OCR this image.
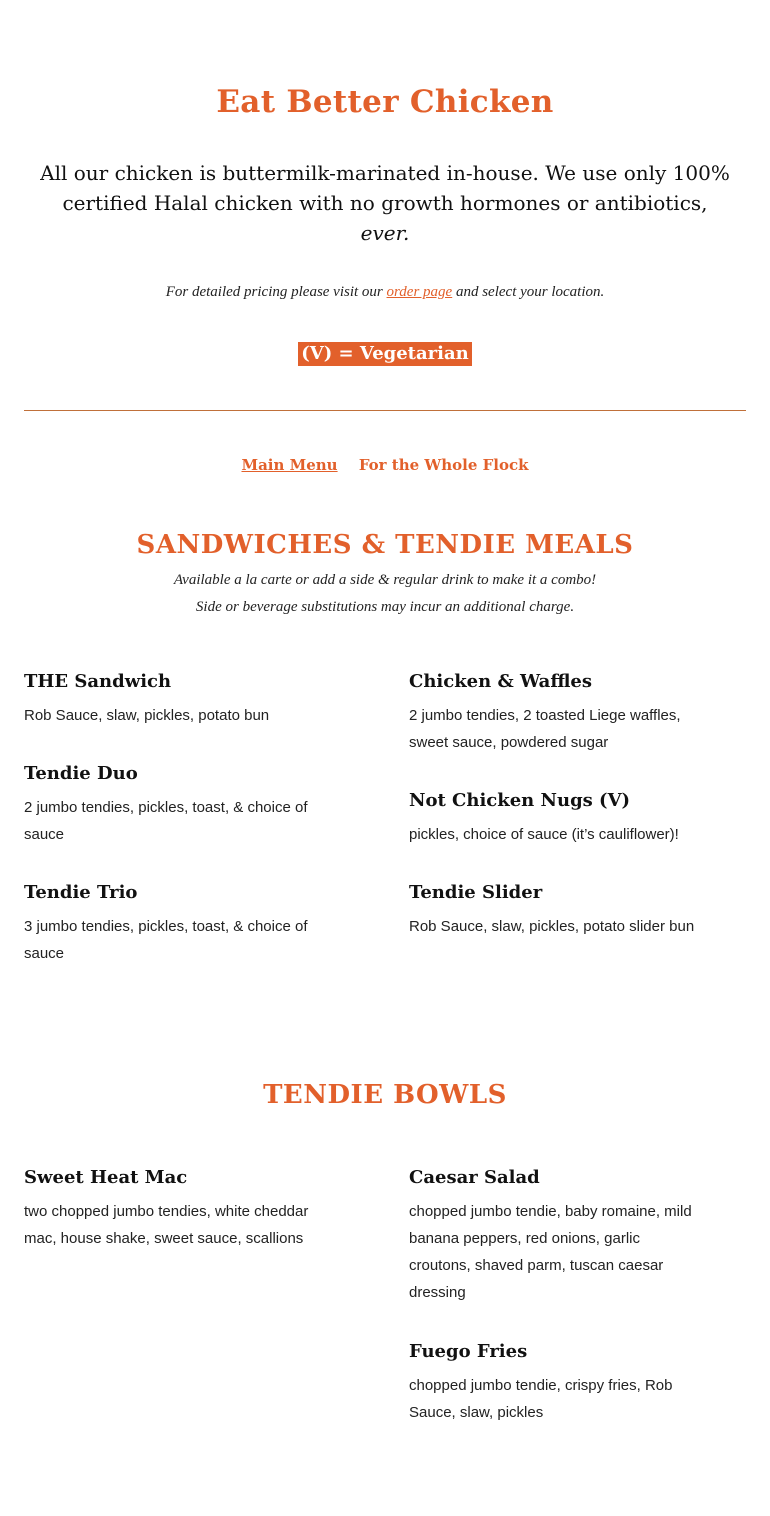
Eat Better Chicken

All our chicken is buttermilk-marinated in-house. We use only 100% certified Halal chicken with no growth hormones or antibiotics, ever.

For detailed pricing please visit our order page and select your location.

(V) = Vegetarian
Main Menu For the Whole Flock
SANDWICHES & TENDIE MEALS

Available a la carte or add a side & regular drink to make it a combo!

Side or beverage substitutions may incur an additional charge.

THE Sandwich

Rob Sauce, slaw, pickles, potato bun

Chicken & Waffles

2 jumbo tendies, 2 toasted Liege waffles, sweet sauce, powdered sugar

Tendie Duo

2 jumbo tendies, pickles, toast, & choice of sauce

Not Chicken Nugs (V)

pickles, choice of sauce (it’s cauliflower)!

Tendie Trio

3 jumbo tendies, pickles, toast, & choice of sauce

Tendie Slider

Rob Sauce, slaw, pickles, potato slider bun

TENDIE BOWLS
Sweet Heat Mac

two chopped jumbo tendies, white cheddar mac, house shake, sweet sauce, scallions

Caesar Salad

chopped jumbo tendie, baby romaine, mild banana peppers, red onions, garlic croutons, shaved parm, tuscan caesar dressing

Fuego Fries

chopped jumbo tendie, crispy fries, Rob Sauce, slaw, pickles
